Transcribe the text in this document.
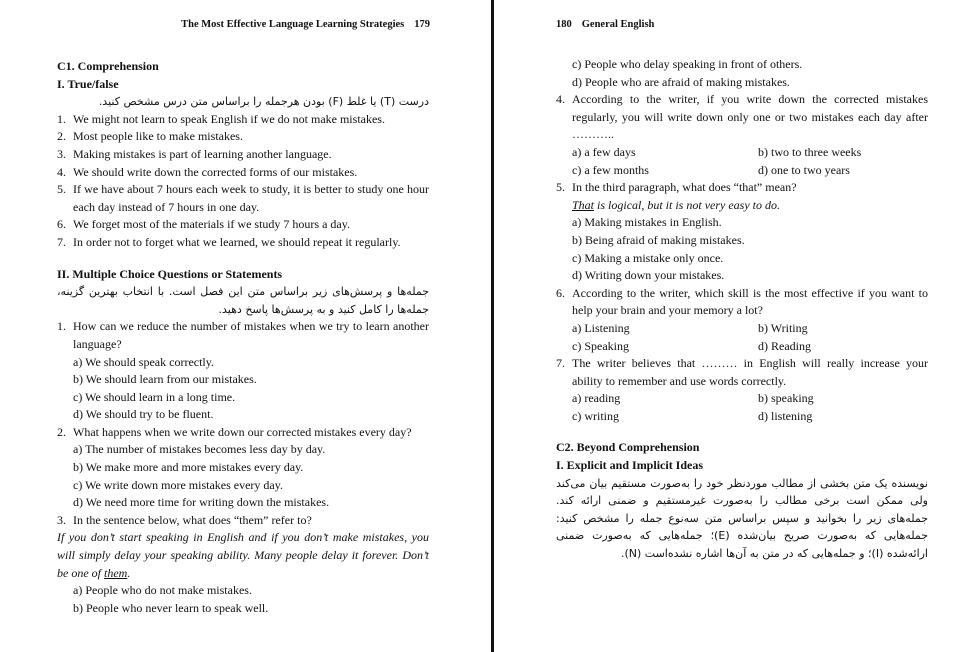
The Most Effective Language Learning Strategies 179

C1. Comprehension

I. True/false

درست (T) یا غلط (F) بودن هرجمله را براساس متن درس مشخص کنید.
1. We might not learn to speak English if we do not make mistakes.
2. Most people like to make mistakes.
3. Making mistakes is part of learning another language.
4. We should write down the corrected forms of our mistakes.
5. If we have about 7 hours each week to study, it is better to study one hour each day instead of 7 hours in one day.
6. We forget most of the materials if we study 7 hours a day.
7. In order not to forget what we learned, we should repeat it regularly.

II. Multiple Choice Questions or Statements

جمله‌ها و پرسش‌های زیر براساس متن این فصل است. با انتخاب بهترین گزینه، جمله‌ها را کامل کنید و به پرسش‌ها پاسخ دهید.
1. How can we reduce the number of mistakes when we try to learn another language?
a) We should speak correctly.
b) We should learn from our mistakes.
c) We should learn in a long time.
d) We should try to be fluent.
2. What happens when we write down our corrected mistakes every day?
a) The number of mistakes becomes less day by day.
b) We make more and more mistakes every day.
c) We write down more mistakes every day.
d) We need more time for writing down the mistakes.
3. In the sentence below, what does “them” refer to?
If you don’t start speaking in English and if you don’t make mistakes, you will simply delay your speaking ability. Many people delay it forever. Don’t be one of them.
a) People who do not make mistakes.
b) People who never learn to speak well.
180 General English
c) People who delay speaking in front of others.
d) People who are afraid of making mistakes.
4. According to the writer, if you write down the corrected mistakes regularly, you will write down only one or two mistakes each day after ………..
a) a few days	b) two to three weeks
c) a few months	d) one to two years
5. In the third paragraph, what does “that” mean?
That is logical, but it is not very easy to do.
a) Making mistakes in English.
b) Being afraid of making mistakes.
c) Making a mistake only once.
d) Writing down your mistakes.
6. According to the writer, which skill is the most effective if you want to help your brain and your memory a lot?
a) Listening	b) Writing
c) Speaking	d) Reading
7. The writer believes that ……… in English will really increase your ability to remember and use words correctly.
a) reading	b) speaking
c) writing	d) listening

C2. Beyond Comprehension

I. Explicit and Implicit Ideas

نویسنده یک متن بخشی از مطالب موردنظر خود را به‌صورت مستقیم بیان می‌کند ولی ممکن است برخی مطالب را به‌صورت غیرمستقیم و ضمنی ارائه کند. جمله‌های زیر را بخوانید و سپس براساس متن سه‌نوع جمله را مشخص کنید: جمله‌هایی که به‌صورت صریح بیان‌شده (E)؛ جمله‌هایی که به‌صورت ضمنی ارائه‌شده (I)؛ و جمله‌هایی که در متن به آن‌ها اشاره نشده‌است (N).
